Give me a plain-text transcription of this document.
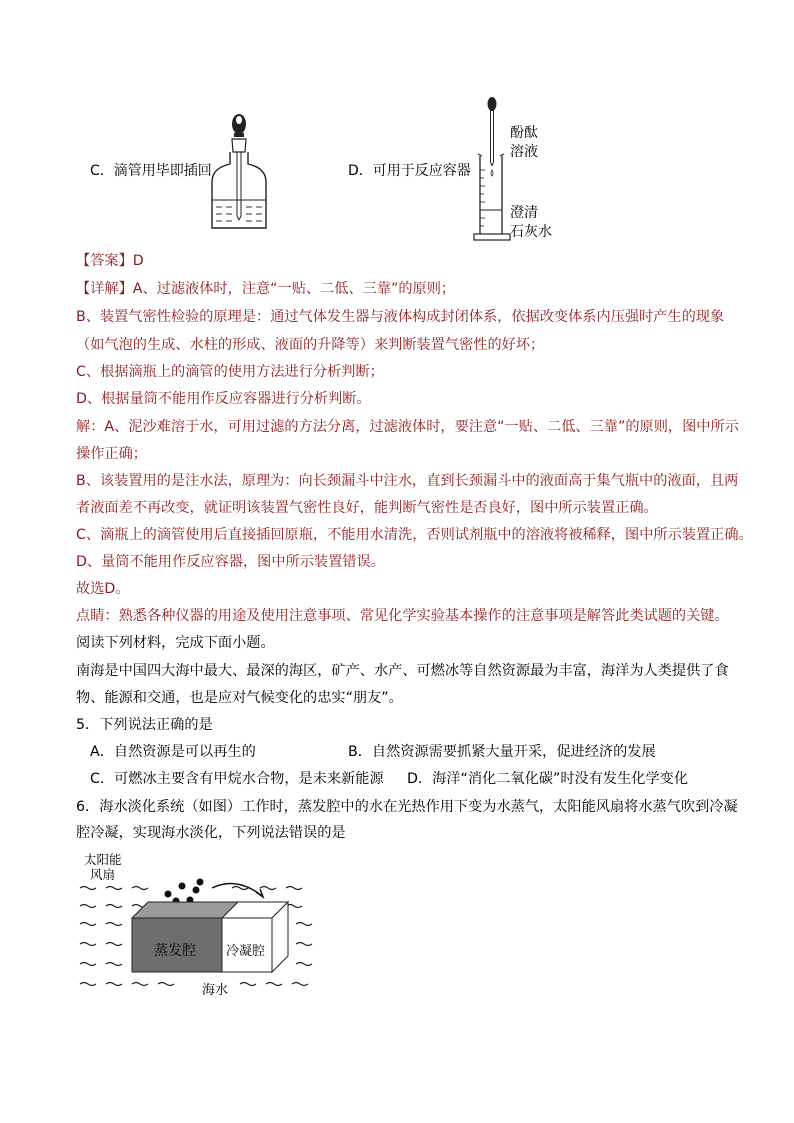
C．滴管用毕即插回	D．可用于反应容器
酚酞
溶液
澄清
石灰水
【答案】D
【详解】A、过滤液体时，注意“一贴、二低、三靠”的原则；
B、装置气密性检验的原理是：通过气体发生器与液体构成封闭体系，依据改变体系内压强时产生的现象
（如气泡的生成、水柱的形成、液面的升降等）来判断装置气密性的好坏；
C、根据滴瓶上的滴管的使用方法进行分析判断；
D、根据量筒不能用作反应容器进行分析判断。
解：A、泥沙难溶于水，可用过滤的方法分离，过滤液体时，要注意“一贴、二低、三靠”的原则，图中所示
操作正确；
B、该装置用的是注水法，原理为：向长颈漏斗中注水，直到长颈漏斗中的液面高于集气瓶中的液面，且两
者液面差不再改变，就证明该装置气密性良好，能判断气密性是否良好，图中所示装置正确。
C、滴瓶上的滴管使用后直接插回原瓶，不能用水清洗，否则试剂瓶中的溶液将被稀释，图中所示装置正确。
D、量筒不能用作反应容器，图中所示装置错误。
故选D。
点睛：熟悉各种仪器的用途及使用注意事项、常见化学实验基本操作的注意事项是解答此类试题的关键。
阅读下列材料，完成下面小题。
南海是中国四大海中最大、最深的海区，矿产、水产、可燃冰等自然资源最为丰富，海洋为人类提供了食
物、能源和交通，也是应对气候变化的忠实“朋友”。
5．下列说法正确的是
A．自然资源是可以再生的	B．自然资源需要抓紧大量开采，促进经济的发展
C．可燃冰主要含有甲烷水合物，是未来新能源 D．海洋“消化二氧化碳”时没有发生化学变化
6．海水淡化系统（如图）工作时，蒸发腔中的水在光热作用下变为水蒸气，太阳能风扇将水蒸气吹到冷凝
腔冷凝，实现海水淡化，下列说法错误的是
太阳能
风扇
蒸发腔 冷凝腔
海水
